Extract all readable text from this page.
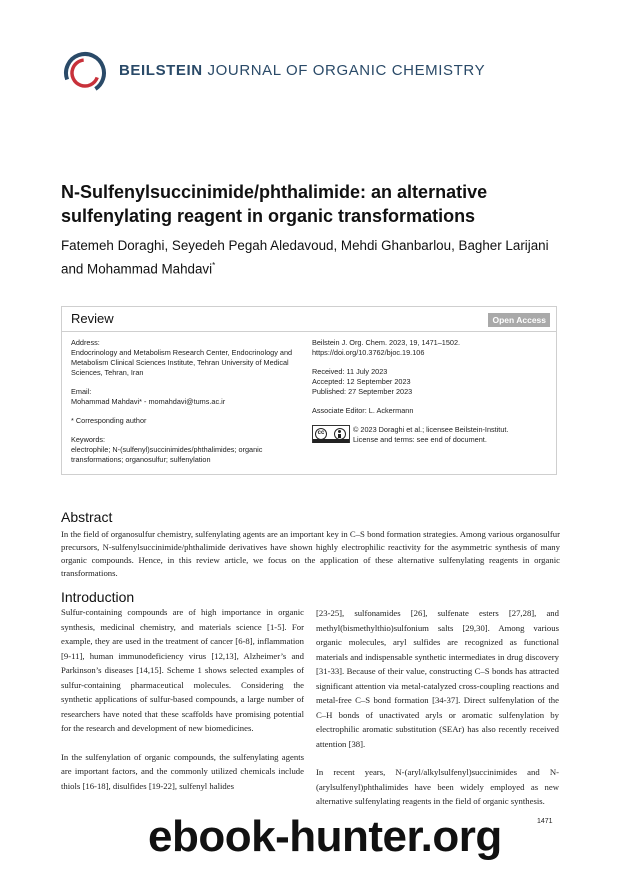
BEILSTEIN JOURNAL OF ORGANIC CHEMISTRY
N-Sulfenylsuccinimide/phthalimide: an alternative sulfenylating reagent in organic transformations

Fatemeh Doraghi, Seyedeh Pegah Aledavoud, Mehdi Ghanbarlou, Bagher Larijani and Mohammad Mahdavi*

Review	Open Access
Address:
Endocrinology and Metabolism Research Center, Endocrinology and Metabolism Clinical Sciences Institute, Tehran University of Medical Sciences, Tehran, Iran
Email:
Mohammad Mahdavi* - momahdavi@tums.ac.ir
* Corresponding author
Keywords:
electrophile; N-(sulfenyl)succinimides/phthalimides; organic transformations; organosulfur; sulfenylation
Beilstein J. Org. Chem. 2023, 19, 1471–1502.
https://doi.org/10.3762/bjoc.19.106
Received: 11 July 2023
Accepted: 12 September 2023
Published: 27 September 2023
Associate Editor: L. Ackermann
cc	© 2023 Doraghi et al.; licensee Beilstein-Institut.
License and terms: see end of document.
Abstract

In the field of organosulfur chemistry, sulfenylating agents are an important key in C–S bond formation strategies. Among various organosulfur precursors, N-sulfenylsuccinimide/phthalimide derivatives have shown highly electrophilic reactivity for the asymmetric synthesis of many organic compounds. Hence, in this review article, we focus on the application of these alternative sulfenylating reagents in organic transformations.

Introduction

Sulfur-containing compounds are of high importance in organic synthesis, medicinal chemistry, and materials science [1-5]. For example, they are used in the treatment of cancer [6-8], inflammation [9-11], human immunodeficiency virus [12,13], Alzheimer’s and Parkinson’s diseases [14,15]. Scheme 1 shows selected examples of sulfur-containing pharmaceutical molecules. Considering the synthetic applications of sulfur-based compounds, a large number of researchers have noted that these scaffolds have promising potential for the research and development of new biomedicines.

In the sulfenylation of organic compounds, the sulfenylating agents are important factors, and the commonly utilized chemicals include thiols [16-18], disulfides [19-22], sulfenyl halides

[23-25], sulfonamides [26], sulfenate esters [27,28], and methyl(bismethylthio)sulfonium salts [29,30]. Among various organic molecules, aryl sulfides are recognized as functional materials and indispensable synthetic intermediates in drug discovery [31-33]. Because of their value, constructing C–S bonds has attracted significant attention via metal-catalyzed cross-coupling reactions and metal-free C–S bond formation [34-37]. Direct sulfenylation of the C–H bonds of unactivated aryls or aromatic sulfenylation by electrophilic aromatic substitution (SEAr) has also recently received attention [38].

In recent years, N-(aryl/alkylsulfenyl)succinimides and N-(arylsulfenyl)phthalimides have been widely employed as new alternative sulfenylating reagents in the field of organic synthesis.

1471
ebook-hunter.org
